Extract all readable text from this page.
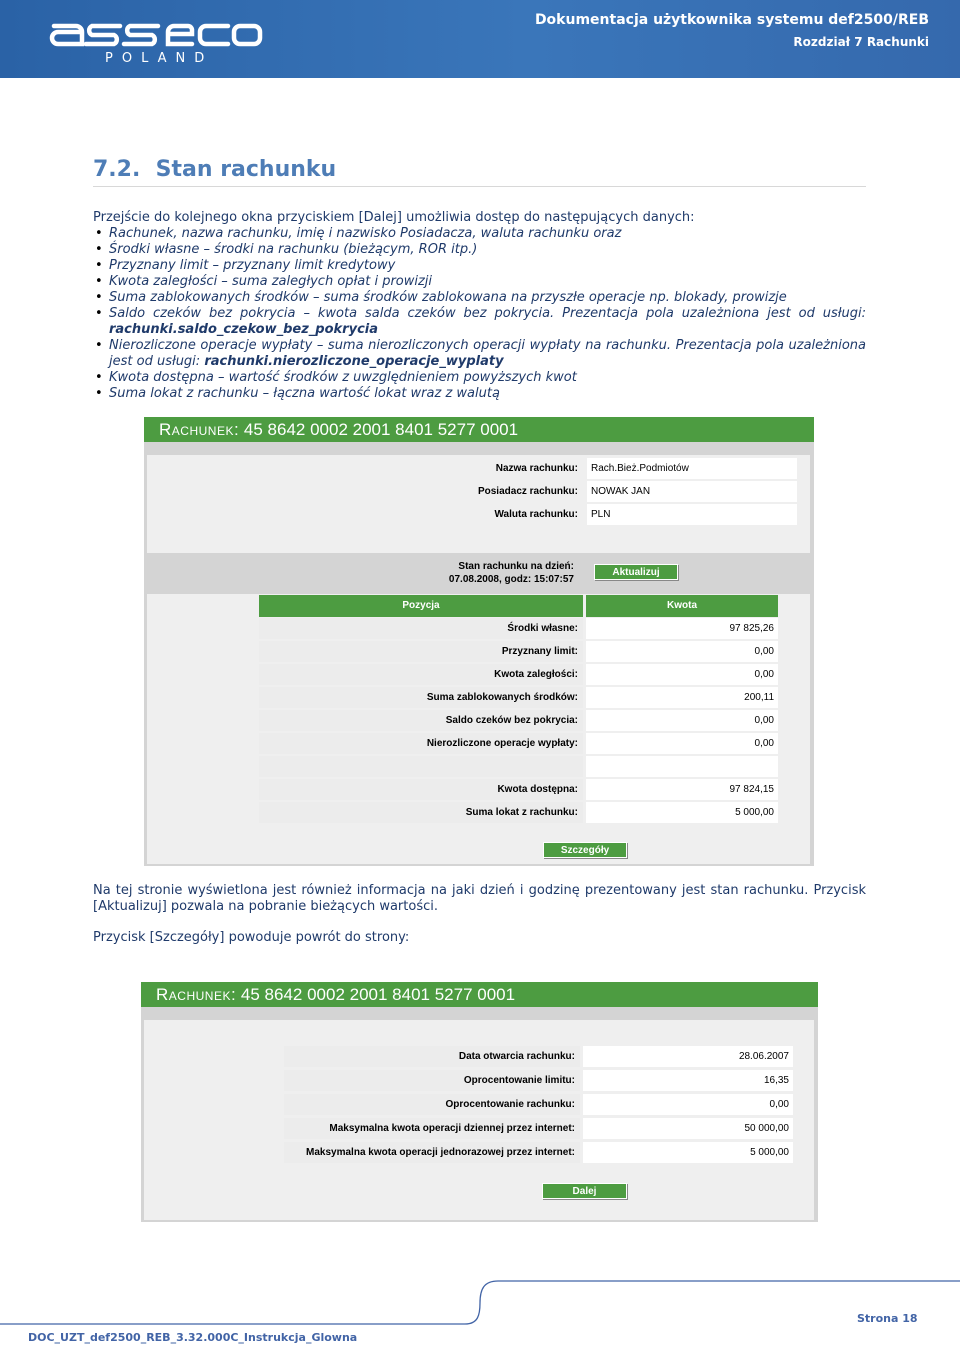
POLAND
Dokumentacja użytkownika systemu def2500/REB
Rozdział 7 Rachunki
7.2. Stan rachunku
Przejście do kolejnego okna przyciskiem [Dalej] umożliwia dostęp do następujących danych:
• Rachunek, nazwa rachunku, imię i nazwisko Posiadacza, waluta rachunku oraz
• Środki własne – środki na rachunku (bieżącym, ROR itp.)
• Przyznany limit – przyznany limit kredytowy
• Kwota zaległości – suma zaległych opłat i prowizji
• Suma zablokowanych środków – suma środków zablokowana na przyszłe operacje np. blokady, prowizje
• Saldo czeków bez pokrycia – kwota salda czeków bez pokrycia. Prezentacja pola uzależniona jest od usługi: rachunki.saldo_czekow_bez_pokrycia
• Nierozliczone operacje wypłaty – suma nierozliczonych operacji wypłaty na rachunku. Prezentacja pola uzależniona jest od usługi: rachunki.nierozliczone_operacje_wyplaty
• Kwota dostępna – wartość środków z uwzględnieniem powyższych kwot
• Suma lokat z rachunku – łączna wartość lokat wraz z walutą
Rachunek: 45 8642 0002 2001 8401 5277 0001
Nazwa rachunku:	Rach.Bież.Podmiotów
Posiadacz rachunku:	NOWAK JAN
Waluta rachunku:	PLN
Stan rachunku na dzień:
07.08.2008, godz: 15:07:57
Aktualizuj
Pozycja	Kwota
Środki własne:	97 825,26
Przyznany limit:	0,00
Kwota zaległości:	0,00
Suma zablokowanych środków:	200,11
Saldo czeków bez pokrycia:	0,00
Nierozliczone operacje wypłaty:	0,00
Kwota dostępna:	97 824,15
Suma lokat z rachunku:	5 000,00
Szczegóły
Na tej stronie wyświetlona jest również informacja na jaki dzień i godzinę prezentowany jest stan rachunku. Przycisk [Aktualizuj] pozwala na pobranie bieżących wartości.
Przycisk [Szczegóły] powoduje powrót do strony:
Rachunek: 45 8642 0002 2001 8401 5277 0001
Data otwarcia rachunku:	28.06.2007
Oprocentowanie limitu:	16,35
Oprocentowanie rachunku:	0,00
Maksymalna kwota operacji dziennej przez internet:	50 000,00
Maksymalna kwota operacji jednorazowej przez internet:	5 000,00
Dalej
Strona 18
DOC_UZT_def2500_REB_3.32.000C_Instrukcja_Glowna
